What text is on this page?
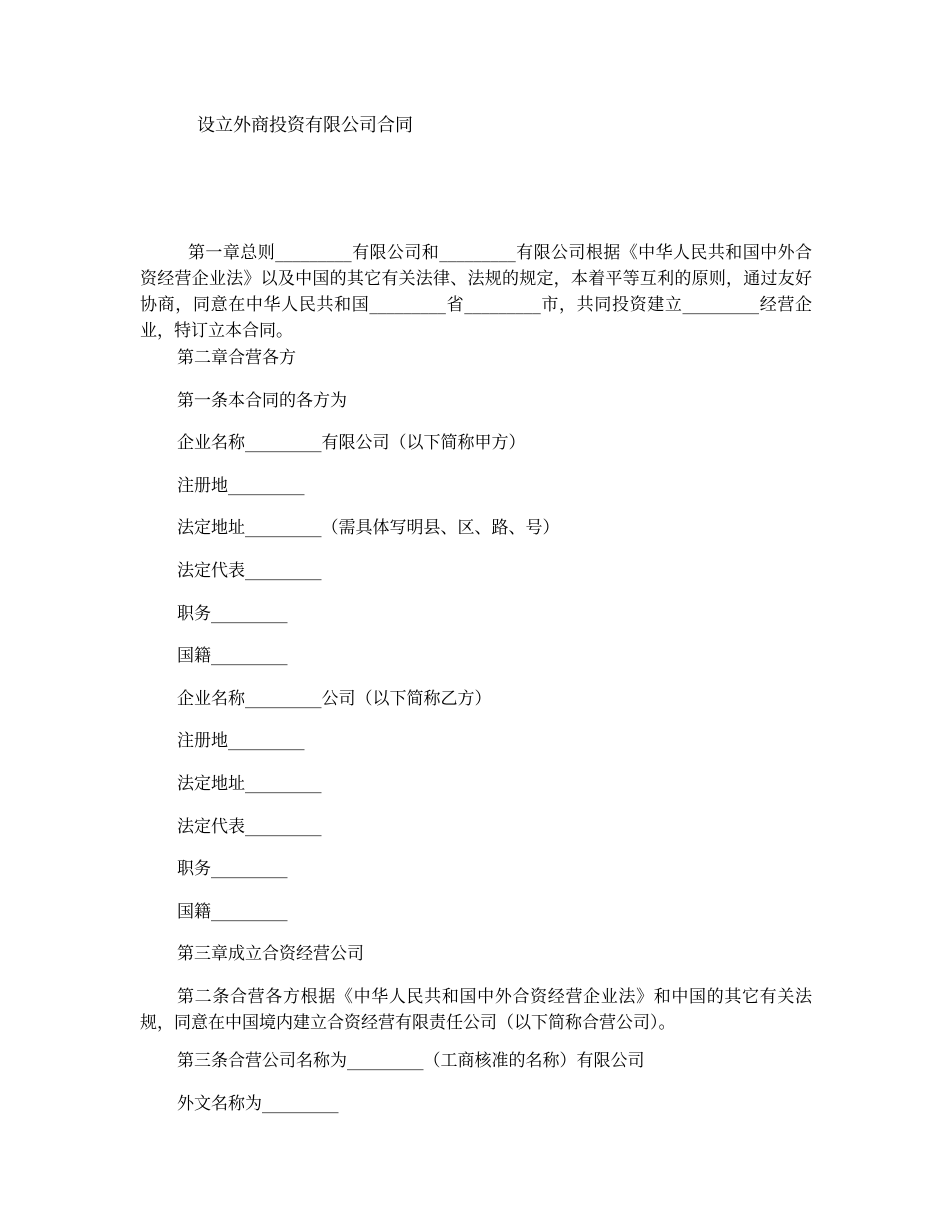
设立外商投资有限公司合同
第一章总则_________有限公司和_________有限公司根据《中华人民共和国中外合资经营企业法》以及中国的其它有关法律、法规的规定，本着平等互利的原则，通过友好协商，同意在中华人民共和国_________省_________市，共同投资建立_________经营企业，特订立本合同。
第二章合营各方
第一条本合同的各方为
企业名称_________有限公司（以下简称甲方）
注册地_________
法定地址_________（需具体写明县、区、路、号）
法定代表_________
职务_________
国籍_________
企业名称_________公司（以下简称乙方）
注册地_________
法定地址_________
法定代表_________
职务_________
国籍_________
第三章成立合资经营公司
第二条合营各方根据《中华人民共和国中外合资经营企业法》和中国的其它有关法规，同意在中国境内建立合资经营有限责任公司（以下简称合营公司）。
第三条合营公司名称为_________（工商核准的名称）有限公司
外文名称为_________
